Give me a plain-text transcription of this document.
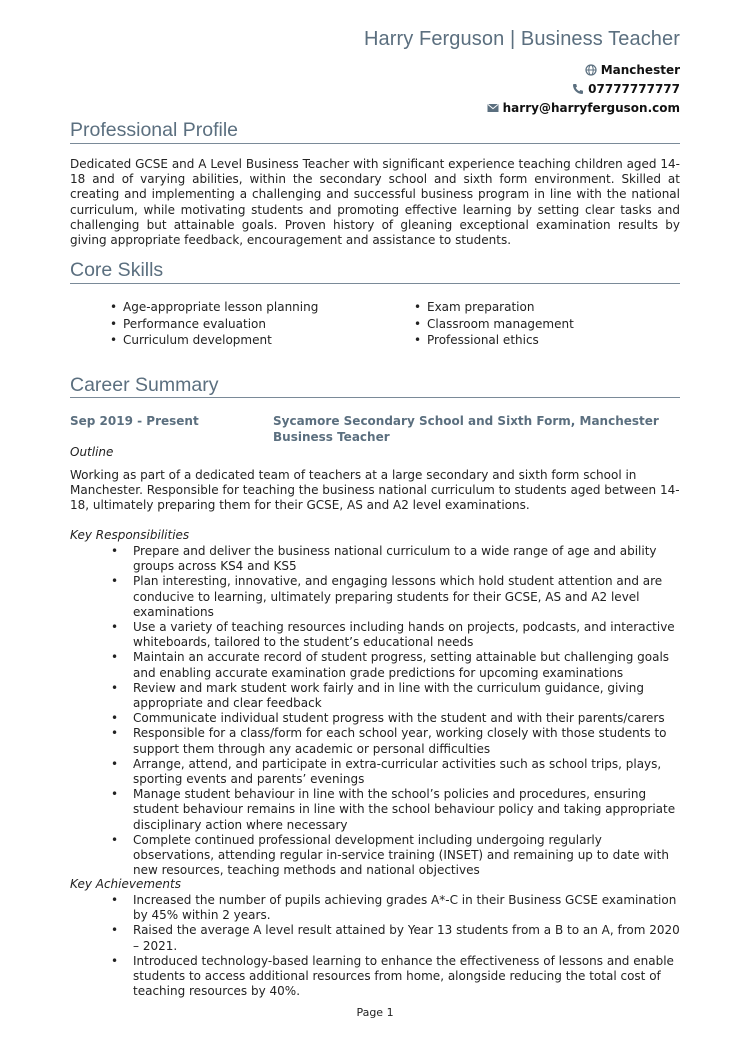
Harry Ferguson | Business Teacher
Manchester
07777777777
harry@harryferguson.com
Professional Profile
Dedicated GCSE and A Level Business Teacher with significant experience teaching children aged 14-18 and of varying abilities, within the secondary school and sixth form environment. Skilled at creating and implementing a challenging and successful business program in line with the national curriculum, while motivating students and promoting effective learning by setting clear tasks and challenging but attainable goals. Proven history of gleaning exceptional examination results by giving appropriate feedback, encouragement and assistance to students.
Core Skills
• Age-appropriate lesson planning
• Performance evaluation
• Curriculum development
• Exam preparation
• Classroom management
• Professional ethics
Career Summary
Sep 2019 - Present	Sycamore Secondary School and Sixth Form, Manchester
Business Teacher
Outline
Working as part of a dedicated team of teachers at a large secondary and sixth form school in Manchester. Responsible for teaching the business national curriculum to students aged between 14-18, ultimately preparing them for their GCSE, AS and A2 level examinations.
Key Responsibilities
• Prepare and deliver the business national curriculum to a wide range of age and ability groups across KS4 and KS5
• Plan interesting, innovative, and engaging lessons which hold student attention and are conducive to learning, ultimately preparing students for their GCSE, AS and A2 level examinations
• Use a variety of teaching resources including hands on projects, podcasts, and interactive whiteboards, tailored to the student’s educational needs
• Maintain an accurate record of student progress, setting attainable but challenging goals and enabling accurate examination grade predictions for upcoming examinations
• Review and mark student work fairly and in line with the curriculum guidance, giving appropriate and clear feedback
• Communicate individual student progress with the student and with their parents/carers
• Responsible for a class/form for each school year, working closely with those students to support them through any academic or personal difficulties
• Arrange, attend, and participate in extra-curricular activities such as school trips, plays, sporting events and parents’ evenings
• Manage student behaviour in line with the school’s policies and procedures, ensuring student behaviour remains in line with the school behaviour policy and taking appropriate disciplinary action where necessary
• Complete continued professional development including undergoing regularly observations, attending regular in-service training (INSET) and remaining up to date with new resources, teaching methods and national objectives
Key Achievements
• Increased the number of pupils achieving grades A*-C in their Business GCSE examination by 45% within 2 years.
• Raised the average A level result attained by Year 13 students from a B to an A, from 2020 – 2021.
• Introduced technology-based learning to enhance the effectiveness of lessons and enable students to access additional resources from home, alongside reducing the total cost of teaching resources by 40%.
Page 1
